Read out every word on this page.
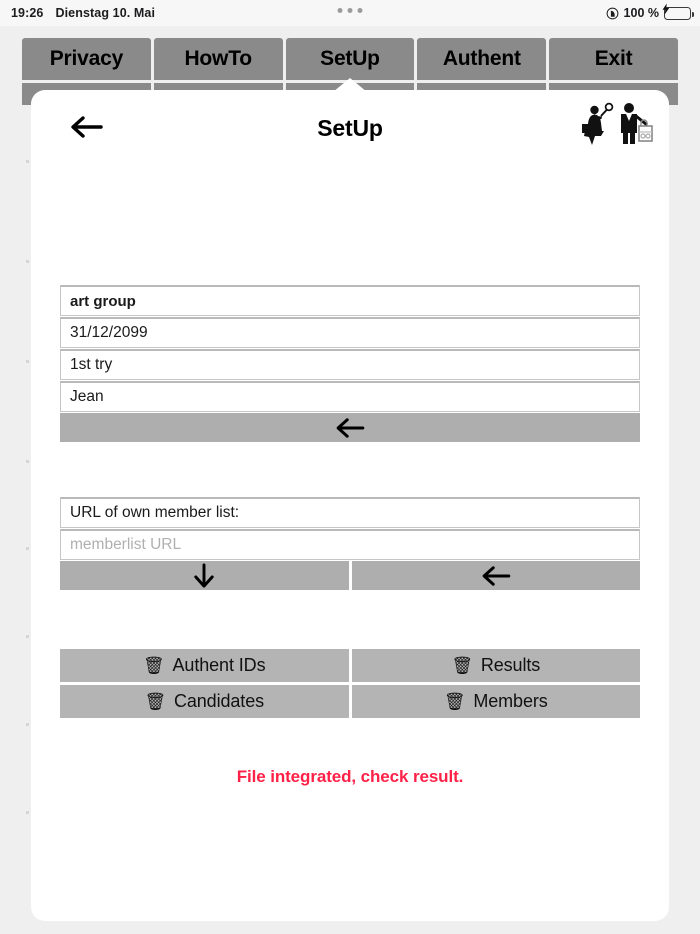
19:26 Dienstag 10. Mai	100 %
Privacy	HowTo	SetUp	Authent	Exit
SetUp
art group
31/12/2099
1st try
Jean
URL of own member list:
memberlist URL
🗑 Authent IDs	🗑 Results
🗑 Candidates	🗑 Members
File integrated, check result.
